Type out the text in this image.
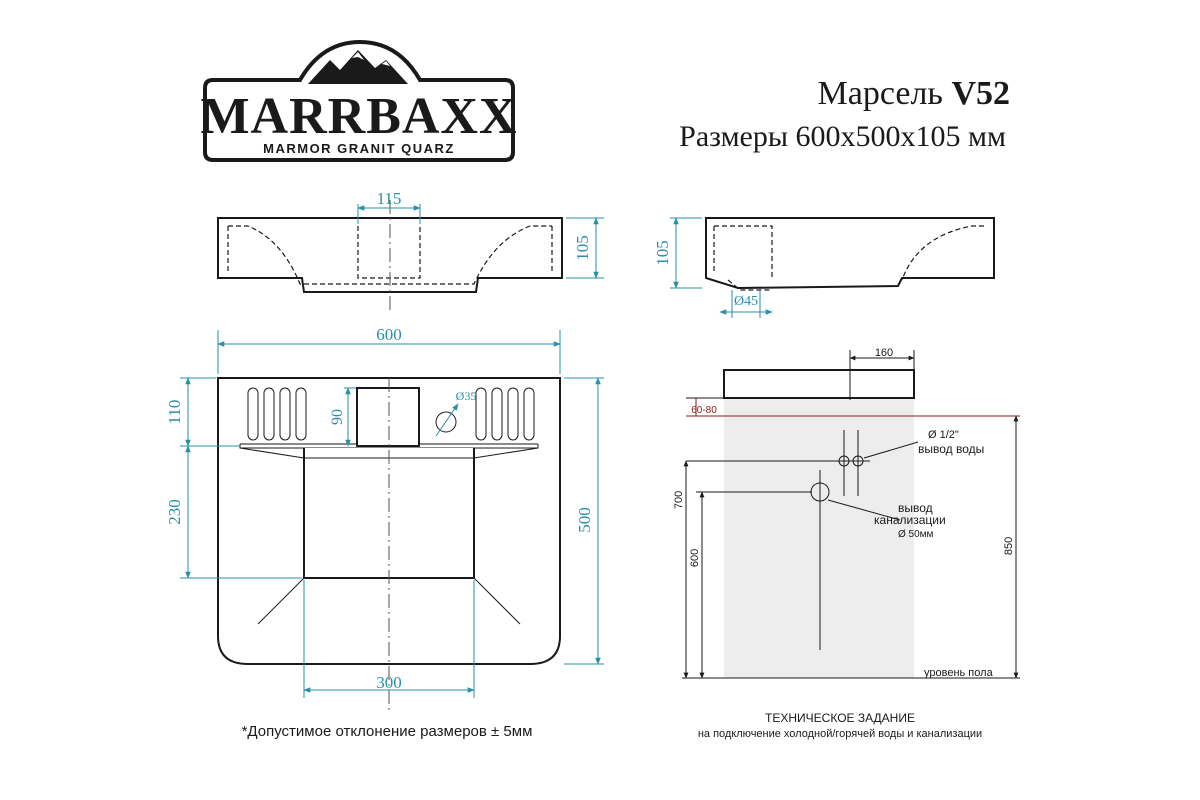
MARRBAXX
MARMOR GRANIT QUARZ
Марсель V52
Размеры 600х500х105 мм
115
105	105
Ø45
600
Ø35
110
230
90
500
300
160
60-80
Ø 1/2"
вывод воды
вывод
канализации
Ø 50мм
уровень пола
700
600
850
*Допустимое отклонение размеров ± 5мм
ТЕХНИЧЕСКОЕ ЗАДАНИЕ
на подключение холодной/горячей воды и канализации
